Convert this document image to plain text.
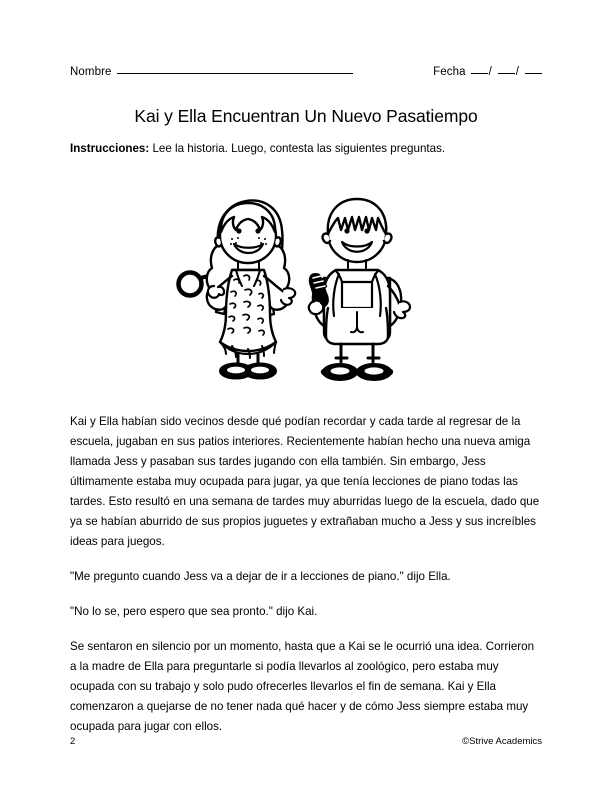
Nombre	Fecha / /
Kai y Ella Encuentran Un Nuevo Pasatiempo
Instrucciones: Lee la historia. Luego, contesta las siguientes preguntas.

Kai y Ella habían sido vecinos desde qué podían recordar y cada tarde al regresar de la escuela, jugaban en sus patios interiores. Recientemente habían hecho una nueva amiga llamada Jess y pasaban sus tardes jugando con ella también. Sin embargo, Jess últimamente estaba muy ocupada para jugar, ya que tenía lecciones de piano todas las tardes. Esto resultó en una semana de tardes muy aburridas luego de la escuela, dado que ya se habían aburrido de sus propios juguetes y extrañaban mucho a Jess y sus increíbles ideas para juegos.

"Me pregunto cuando Jess va a dejar de ir a lecciones de piano." dijo Ella.

"No lo se, pero espero que sea pronto." dijo Kai.

Se sentaron en silencio por un momento, hasta que a Kai se le ocurrió una idea. Corrieron a la madre de Ella para preguntarle si podía llevarlos al zoológico, pero estaba muy ocupada con su trabajo y solo pudo ofrecerles llevarlos el fin de semana. Kai y Ella comenzaron a quejarse de no tener nada qué hacer y de cómo Jess siempre estaba muy ocupada para jugar con ellos.

2	©Strive Academics
